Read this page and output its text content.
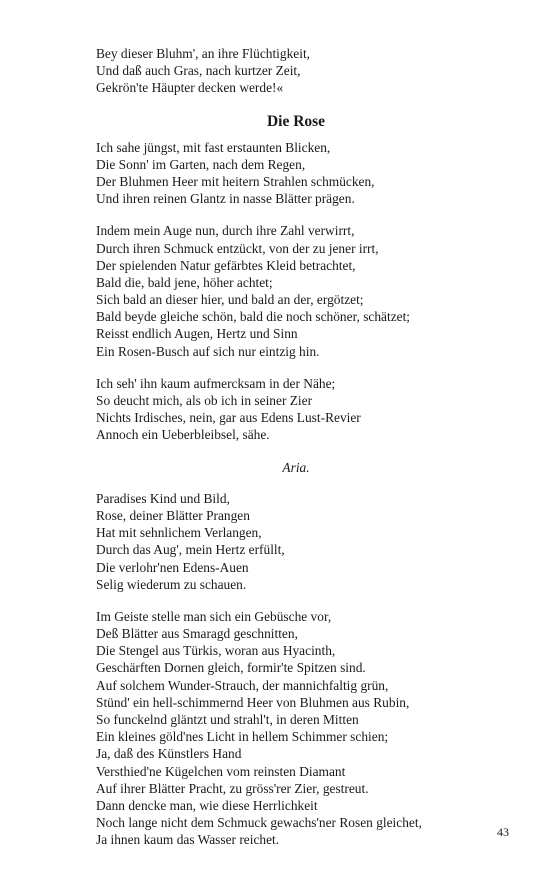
Bey dieser Bluhm', an ihre Flüchtigkeit,
Und daß auch Gras, nach kurtzer Zeit,
Gekrön'te Häupter decken werde!«
Die Rose
Ich sahe jüngst, mit fast erstaunten Blicken,
Die Sonn' im Garten, nach dem Regen,
Der Bluhmen Heer mit heitern Strahlen schmücken,
Und ihren reinen Glantz in nasse Blätter prägen.
Indem mein Auge nun, durch ihre Zahl verwirrt,
Durch ihren Schmuck entzückt, von der zu jener irrt,
Der spielenden Natur gefärbtes Kleid betrachtet,
Bald die, bald jene, höher achtet;
Sich bald an dieser hier, und bald an der, ergötzet;
Bald beyde gleiche schön, bald die noch schöner, schätzet;
Reisst endlich Augen, Hertz und Sinn
Ein Rosen-Busch auf sich nur eintzig hin.
Ich seh' ihn kaum aufmercksam in der Nähe;
So deucht mich, als ob ich in seiner Zier
Nichts Irdisches, nein, gar aus Edens Lust-Revier
Annoch ein Ueberbleibsel, sähe.
Aria.
Paradises Kind und Bild,
Rose, deiner Blätter Prangen
Hat mit sehnlichem Verlangen,
Durch das Aug', mein Hertz erfüllt,
Die verlohr'nen Edens-Auen
Selig wiederum zu schauen.
Im Geiste stelle man sich ein Gebüsche vor,
Deß Blätter aus Smaragd geschnitten,
Die Stengel aus Türkis, woran aus Hyacinth,
Geschärften Dornen gleich, formir'te Spitzen sind.
Auf solchem Wunder-Strauch, der mannichfaltig grün,
Stünd' ein hell-schimmernd Heer von Bluhmen aus Rubin,
So funckelnd gläntzt und strahl't, in deren Mitten
Ein kleines göld'nes Licht in hellem Schimmer schien;
Ja, daß des Künstlers Hand
Versthied'ne Kügelchen vom reinsten Diamant
Auf ihrer Blätter Pracht, zu gröss'rer Zier, gestreut.
Dann dencke man, wie diese Herrlichkeit
Noch lange nicht dem Schmuck gewachs'ner Rosen gleichet,
Ja ihnen kaum das Wasser reichet.
43
